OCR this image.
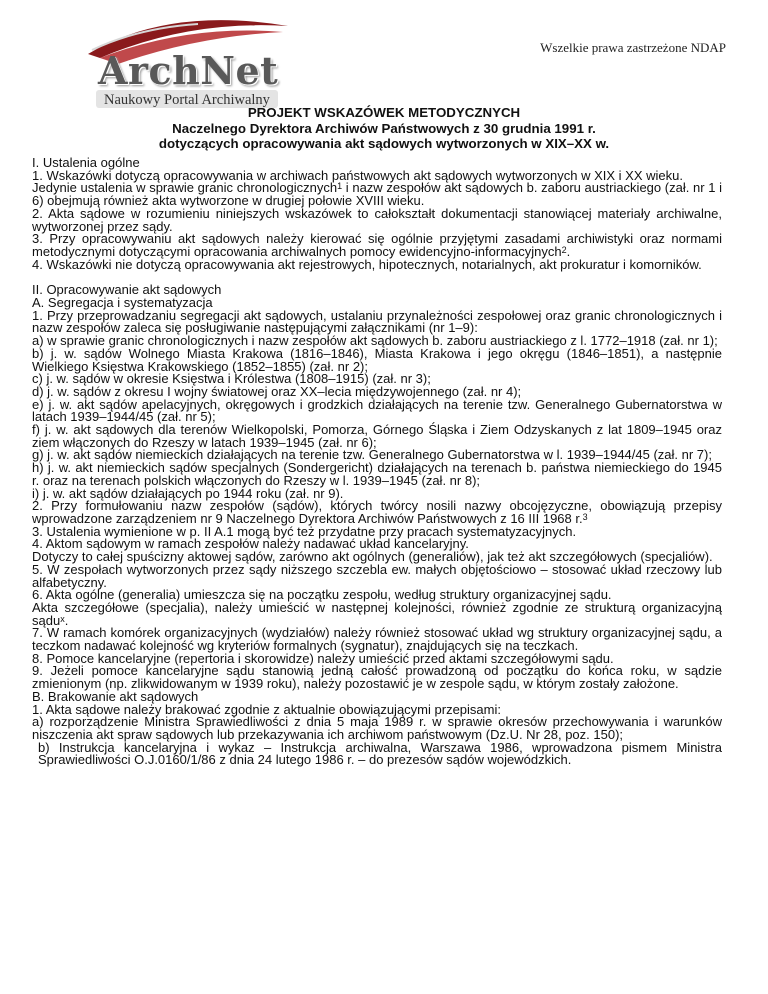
Wszelkie prawa zastrzeżone NDAP
ArchNet
Naukowy Portal Archiwalny
PROJEKT WSKAZÓWEK METODYCZNYCH
Naczelnego Dyrektora Archiwów Państwowych z 30 grudnia 1991 r.
dotyczących opracowywania akt sądowych wytworzonych w XIX–XX w.

I. Ustalenia ogólne

1. Wskazówki dotyczą opracowywania w archiwach państwowych akt sądowych wytworzonych w XIX i XX wieku.

Jedynie ustalenia w sprawie granic chronologicznych$^1$ i nazw zespołów akt sądowych b. zaboru austriackiego (zał. nr 1 i 6) obejmują również akta wytworzone w drugiej połowie XVIII wieku.

2. Akta sądowe w rozumieniu niniejszych wskazówek to całokształt dokumentacji stanowiącej materiały archiwalne, wytworzonej przez sądy.

3. Przy opracowywaniu akt sądowych należy kierować się ogólnie przyjętymi zasadami archiwistyki oraz normami metodycznymi dotyczącymi opracowania archiwalnych pomocy ewidencyjno-informacyjnych$^2$.

4. Wskazówki nie dotyczą opracowywania akt rejestrowych, hipotecznych, notarialnych, akt prokuratur i komorników.

II. Opracowywanie akt sądowych

A. Segregacja i systematyzacja

1. Przy przeprowadzaniu segregacji akt sądowych, ustalaniu przynależności zespołowej oraz granic chronologicznych i nazw zespołów zaleca się posługiwanie następującymi załącznikami (nr 1–9):

a) w sprawie granic chronologicznych i nazw zespołów akt sądowych b. zaboru austriackiego z l. 1772–1918 (zał. nr 1);

b) j. w. sądów Wolnego Miasta Krakowa (1816–1846), Miasta Krakowa i jego okręgu (1846–1851), a następnie Wielkiego Księstwa Krakowskiego (1852–1855) (zał. nr 2);

c) j. w. sądów w okresie Księstwa i Królestwa (1808–1915) (zał. nr 3);

d) j. w. sądów z okresu I wojny światowej oraz XX–lecia międzywojennego (zał. nr 4);

e) j. w. akt sądów apelacyjnych, okręgowych i grodzkich działających na terenie tzw. Generalnego Gubernatorstwa w latach 1939–1944/45 (zał. nr 5);

f) j. w. akt sądowych dla terenów Wielkopolski, Pomorza, Górnego Śląska i Ziem Odzyskanych z lat 1809–1945 oraz ziem włączonych do Rzeszy w latach 1939–1945 (zał. nr 6);

g) j. w. akt sądów niemieckich działających na terenie tzw. Generalnego Gubernatorstwa w l. 1939–1944/45 (zał. nr 7);

h) j. w. akt niemieckich sądów specjalnych (Sondergericht) działających na terenach b. państwa niemieckiego do 1945 r. oraz na terenach polskich włączonych do Rzeszy w l. 1939–1945 (zał. nr 8);

i) j. w. akt sądów działających po 1944 roku (zał. nr 9).

2. Przy formułowaniu nazw zespołów (sądów), których twórcy nosili nazwy obcojęzyczne, obowiązują przepisy wprowadzone zarządzeniem nr 9 Naczelnego Dyrektora Archiwów Państwowych z 16 III 1968 r.$^3$

3. Ustalenia wymienione w p. II A.1 mogą być też przydatne przy pracach systematyzacyjnych.

4. Aktom sądowym w ramach zespołów należy nadawać układ kancelaryjny.

Dotyczy to całej spuścizny aktowej sądów, zarówno akt ogólnych (generaliów), jak też akt szczegółowych (specjaliów).

5. W zespołach wytworzonych przez sądy niższego szczebla ew. małych objętościowo – stosować układ rzeczowy lub alfabetyczny.

6. Akta ogólne (generalia) umieszcza się na początku zespołu, według struktury organizacyjnej sądu.

Akta szczegółowe (specjalia), należy umieścić w następnej kolejności, również zgodnie ze strukturą organizacyjną sądu$^x$.

7. W ramach komórek organizacyjnych (wydziałów) należy również stosować układ wg struktury organizacyjnej sądu, a teczkom nadawać kolejność wg kryteriów formalnych (sygnatur), znajdujących się na teczkach.

8. Pomoce kancelaryjne (repertoria i skorowidze) należy umieścić przed aktami szczegółowymi sądu.

9. Jeżeli pomoce kancelaryjne sądu stanowią jedną całość prowadzoną od początku do końca roku, w sądzie zmienionym (np. zlikwidowanym w 1939 roku), należy pozostawić je w zespole sądu, w którym zostały założone.

B. Brakowanie akt sądowych

1. Akta sądowe należy brakować zgodnie z aktualnie obowiązującymi przepisami:

a) rozporządzenie Ministra Sprawiedliwości z dnia 5 maja 1989 r. w sprawie okresów przechowywania i warunków niszczenia akt spraw sądowych lub przekazywania ich archiwom państwowym (Dz.U. Nr 28, poz. 150);

b) Instrukcja kancelaryjna i wykaz – Instrukcja archiwalna, Warszawa 1986, wprowadzona pismem Ministra Sprawiedliwości O.J.0160/1/86 z dnia 24 lutego 1986 r. – do prezesów sądów wojewódzkich.
